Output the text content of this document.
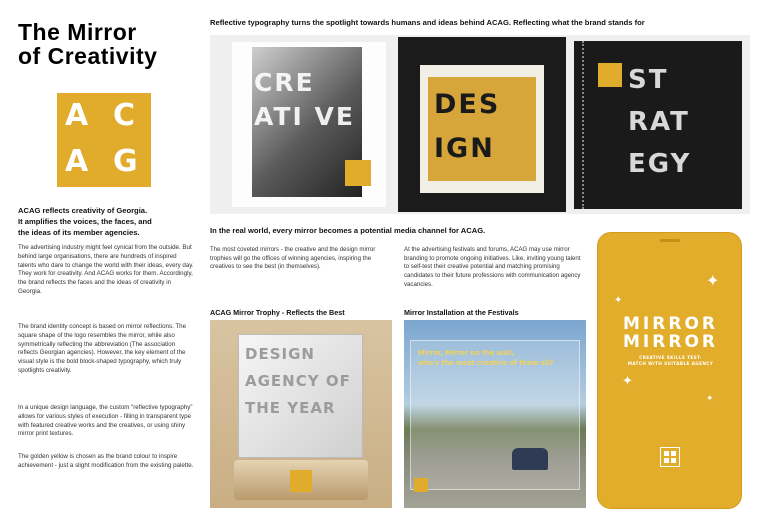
The Mirror
of Creativity
A C
A G
ACAG reflects creativity of Georgia.
It amplifies the voices, the faces, and
the ideas of its member agencies.
The advertising industry might feel cynical from the outside. But behind large organisations, there are hundreds of inspired talents who dare to change the world with their ideas, every day. They work for creativity. And ACAG works for them. Accordingly, the brand reflects the faces and the ideas of creativity in Georgia.
The brand identity concept is based on mirror reflections. The square shape of the logo resembles the mirror, while also symmetrically reflecting the abbreviation (The association reflects Georgian agencies). However, the key element of the visual style is the bold block-shaped typography, which truly spotlights creativity.
In a unique design language, the custom “reflective typography” allows for various styles of execution - filling in transparent type with featured creative works and the creatives, or using shiny mirror print textures.
The golden yellow is chosen as the brand colour to inspire achievement - just a slight modification from the existing palette.
Reflective typography turns the spotlight towards humans and ideas behind ACAG. Reflecting what the brand stands for
CRE ATI VE	DES IGN
ST RAT EGY
In the real world, every mirror becomes a potential media channel for ACAG.
The most coveted mirrors - the creative and the design mirror trophies will go the offices of winning agencies, inspiring the creatives to see the best (in themselves).
At the advertising festivals and forums, ACAG may use mirror branding to promote ongoing initiatives. Like, inviting young talent to self-test their creative potential and matching promising candidates to their future professions with communication agency vacancies.
ACAG Mirror Trophy - Reflects the Best
DESIGN AGENCY OF THE YEAR
Mirror Installation at the Festivals
Mirror, Mirror on the wall,
who's the most creative of them all?
✦
✦
MIRROR
MIRROR
CREATIVE SKILLS TEST-
MATCH WITH SUITABLE AGENCY
✦
✦
